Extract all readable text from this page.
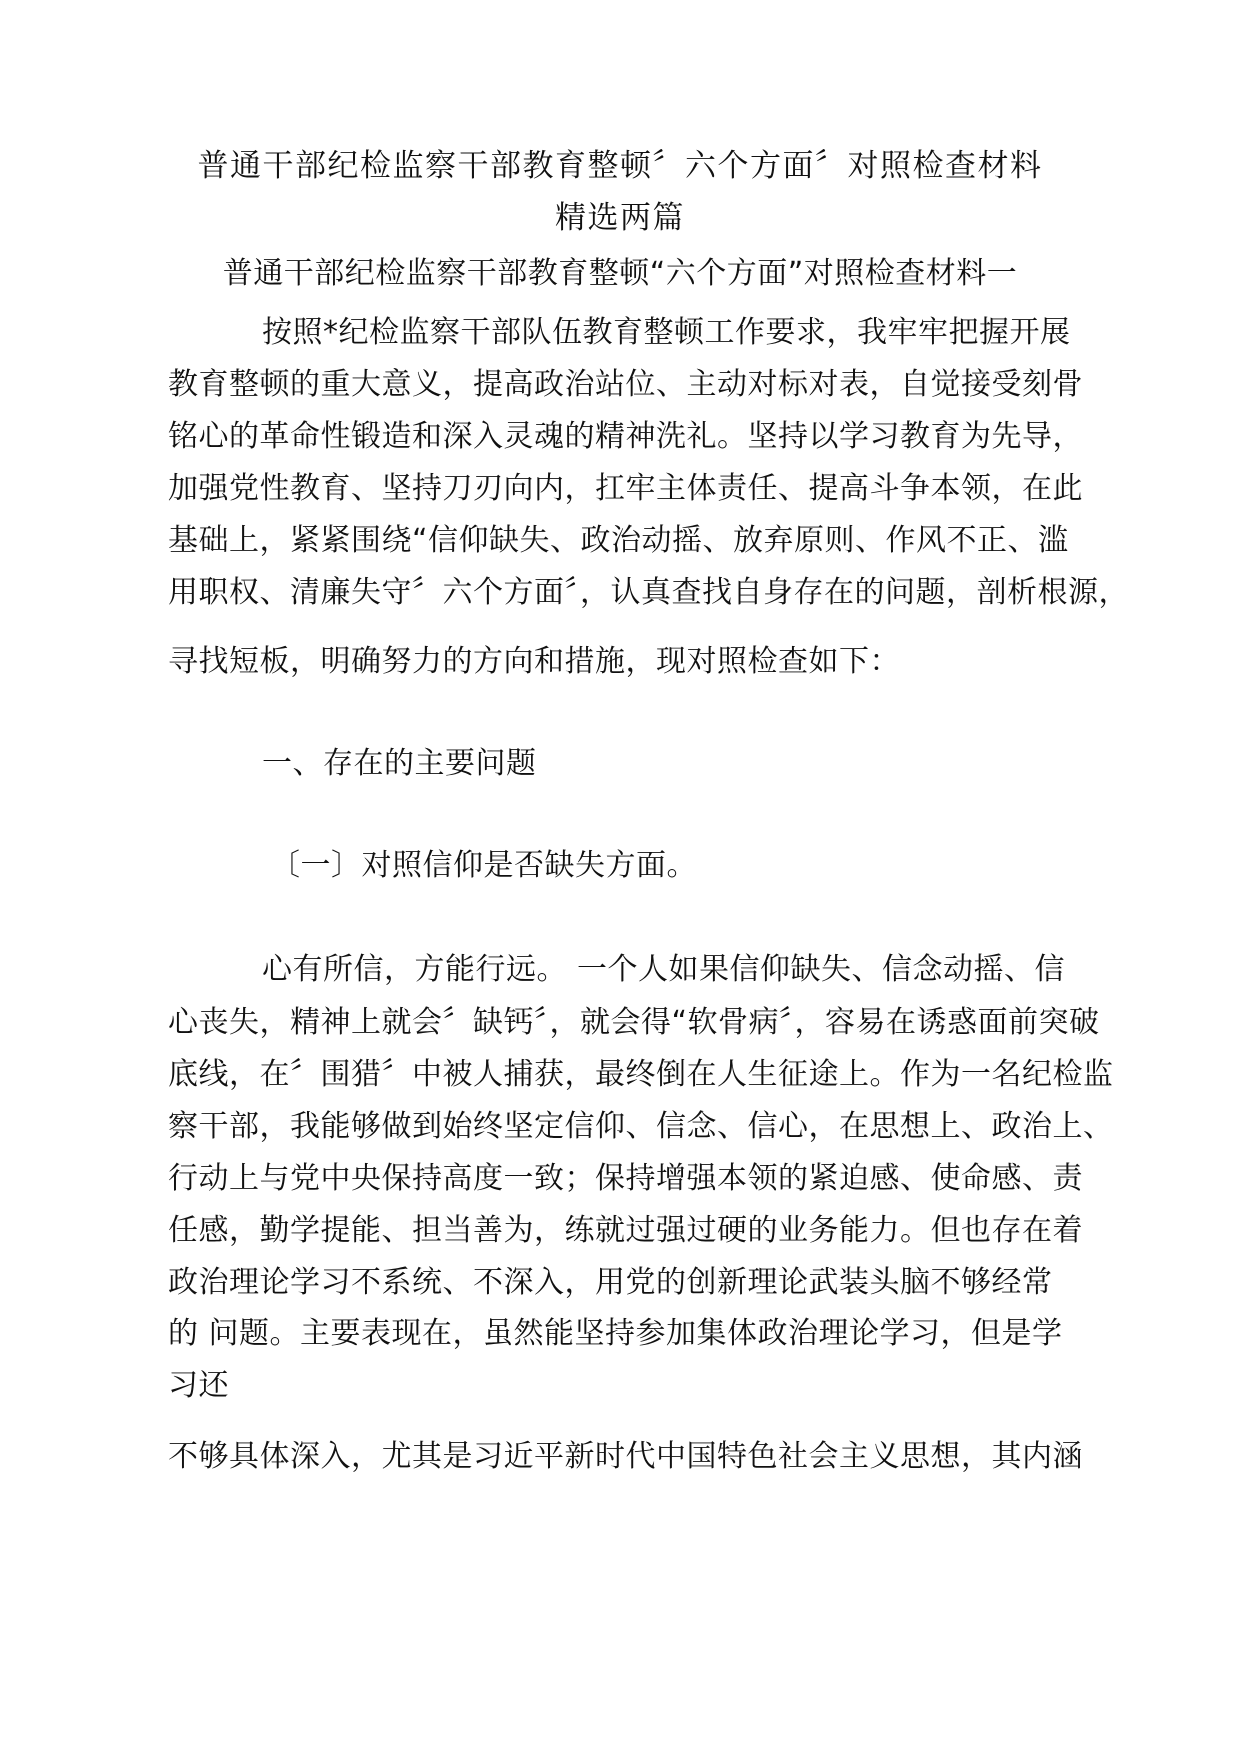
普通干部纪检监察干部教育整顿〞六个方面〞对照检查材料
精选两篇
普通干部纪检监察干部教育整顿“六个方面”对照检查材料一
按照*纪检监察干部队伍教育整顿工作要求，我牢牢把握开展
教育整顿的重大意义，提高政治站位、主动对标对表，自觉接受刻骨
铭心的革命性锻造和深入灵魂的精神洗礼。坚持以学习教育为先导，
加强党性教育、坚持刀刃向内，扛牢主体责任、提高斗争本领，在此
基础上，紧紧围绕“信仰缺失、政治动摇、放弃原则、作风不正、滥
用职权、清廉失守〞六个方面〞，认真查找自身存在的问题，剖析根源，
寻找短板，明确努力的方向和措施，现对照检查如下：
一、存在的主要问题
〔一〕对照信仰是否缺失方面。
心有所信，方能行远。 一个人如果信仰缺失、信念动摇、信
心丧失，精神上就会〞缺钙〞，就会得“软骨病〞，容易在诱惑面前突破
底线，在〞围猎〞中被人捕获，最终倒在人生征途上。作为一名纪检监
察干部，我能够做到始终坚定信仰、信念、信心，在思想上、政治上、
行动上与党中央保持高度一致；保持增强本领的紧迫感、使命感、责
任感，勤学提能、担当善为，练就过强过硬的业务能力。但也存在着
政治理论学习不系统、不深入，用党的创新理论武装头脑不够经常
的 问题。主要表现在，虽然能坚持参加集体政治理论学习，但是学
习还
不够具体深入，尤其是习近平新时代中国特色社会主义思想，其内涵
